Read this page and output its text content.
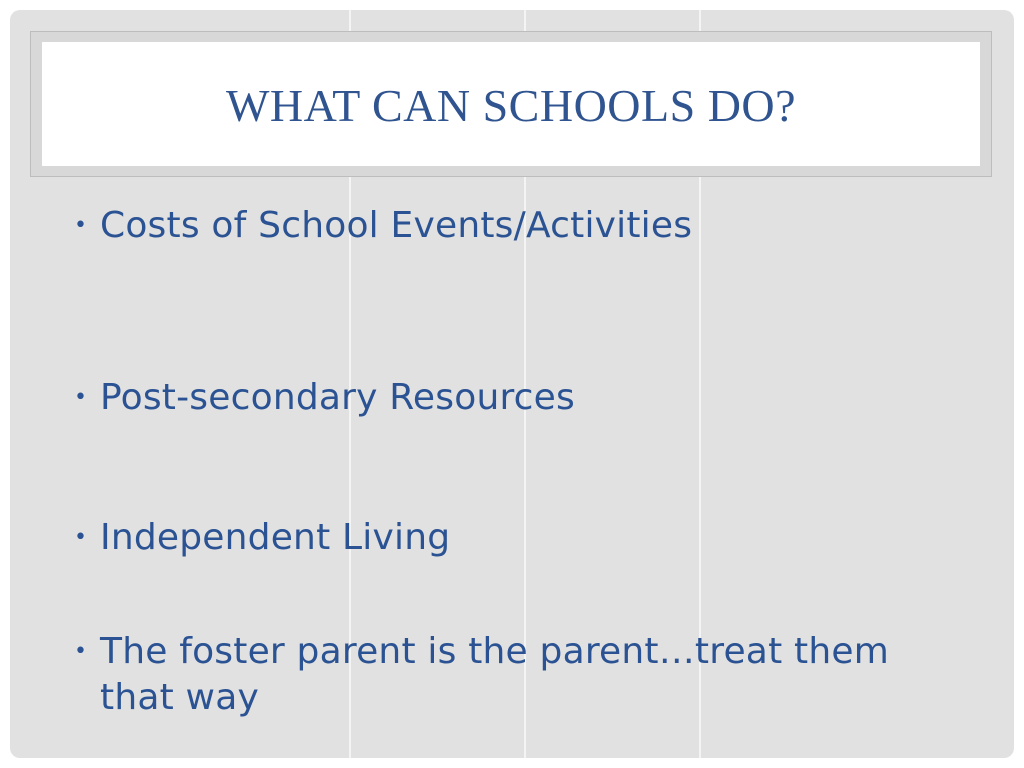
WHAT CAN SCHOOLS DO?
• Costs of School Events/Activities
• Post-secondary Resources
• Independent Living
• The foster parent is the parent…treat them that way
